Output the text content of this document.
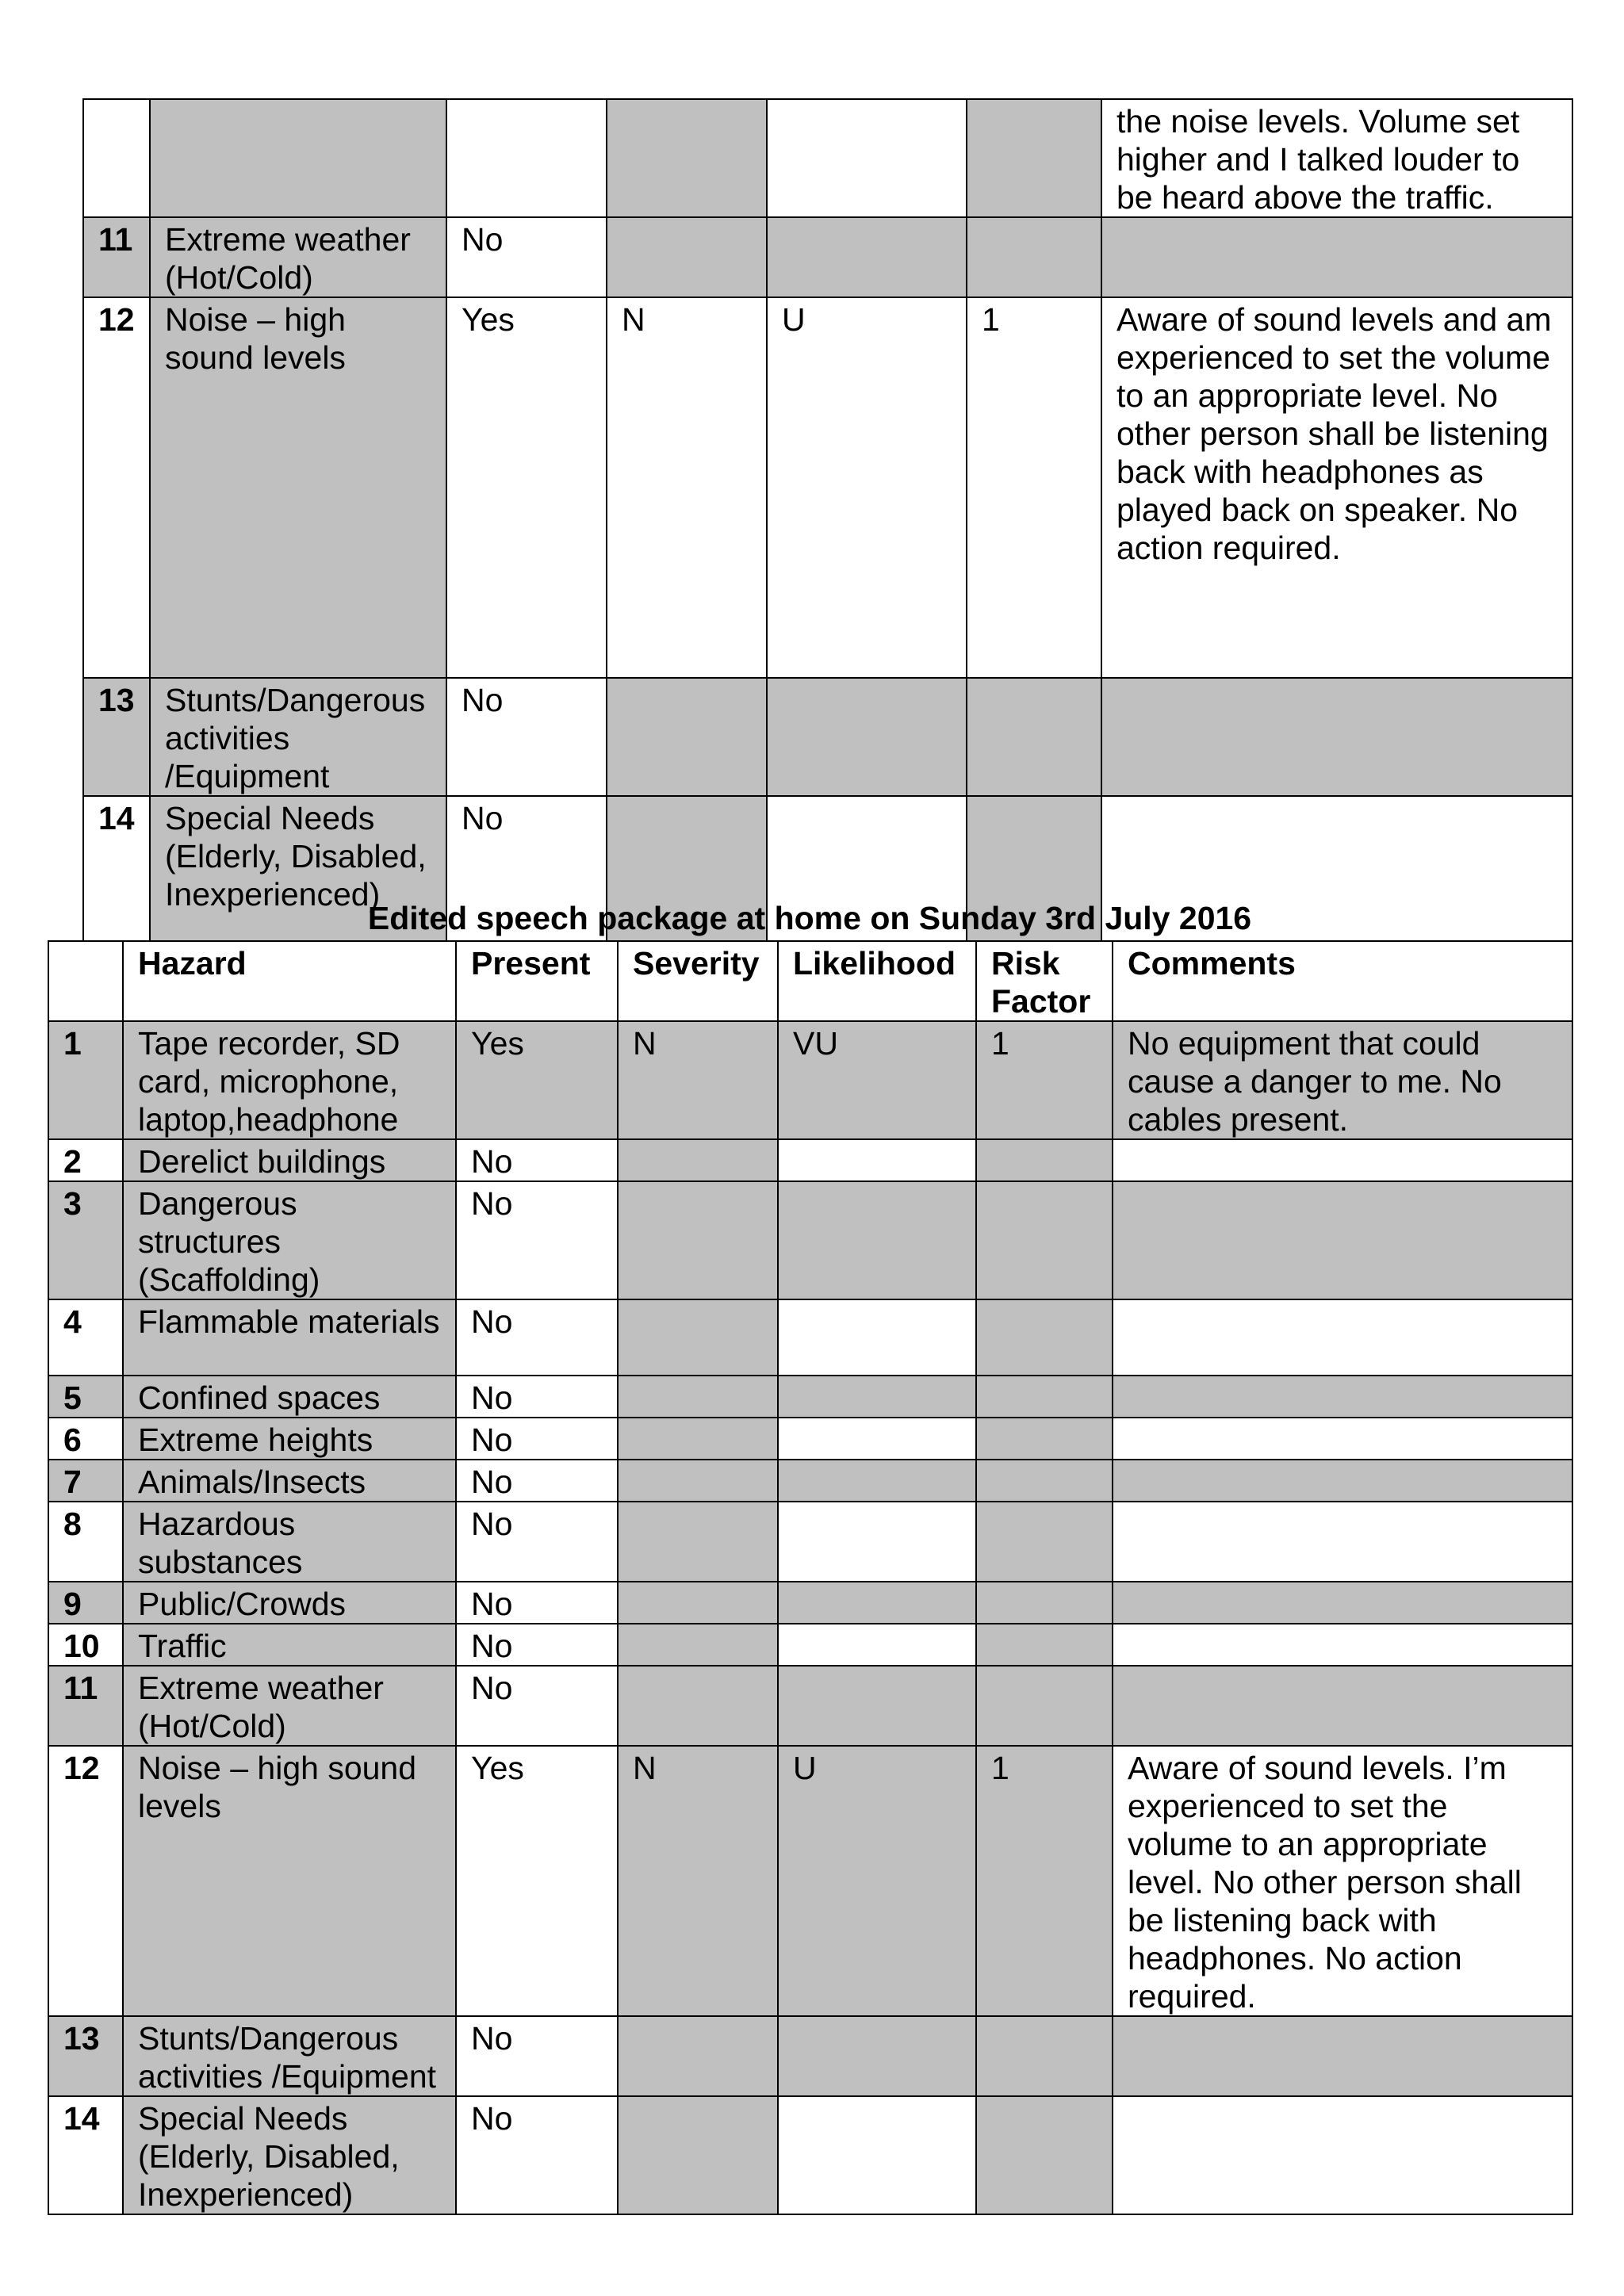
						the noise levels. Volume set higher and I talked louder to be heard above the traffic.
11	Extreme weather (Hot/Cold)	No				
12	Noise – high sound levels	Yes	N	U	1	Aware of sound levels and am experienced to set the volume to an appropriate level. No other person shall be listening back with headphones as played back on speaker. No action required.
13	Stunts/Dangerous activities /Equipment	No				
14	Special Needs (Elderly, Disabled, Inexperienced)	No				

Edited speech package at home on Sunday 3rd July 2016

	Hazard	Present	Severity	Likelihood	Risk Factor	Comments
1	Tape recorder, SD card, microphone, laptop,headphone	Yes	N	VU	1	No equipment that could cause a danger to me. No cables present.
2	Derelict buildings	No				
3	Dangerous structures (Scaffolding)	No				
4	Flammable materials	No				
5	Confined spaces	No				
6	Extreme heights	No				
7	Animals/Insects	No				
8	Hazardous substances	No				
9	Public/Crowds	No				
10	Traffic	No				
11	Extreme weather (Hot/Cold)	No				
12	Noise – high sound levels	Yes	N	U	1	Aware of sound levels. I’m experienced to set the volume to an appropriate level. No other person shall be listening back with headphones. No action required.
13	Stunts/Dangerous activities /Equipment	No				
14	Special Needs (Elderly, Disabled, Inexperienced)	No				
